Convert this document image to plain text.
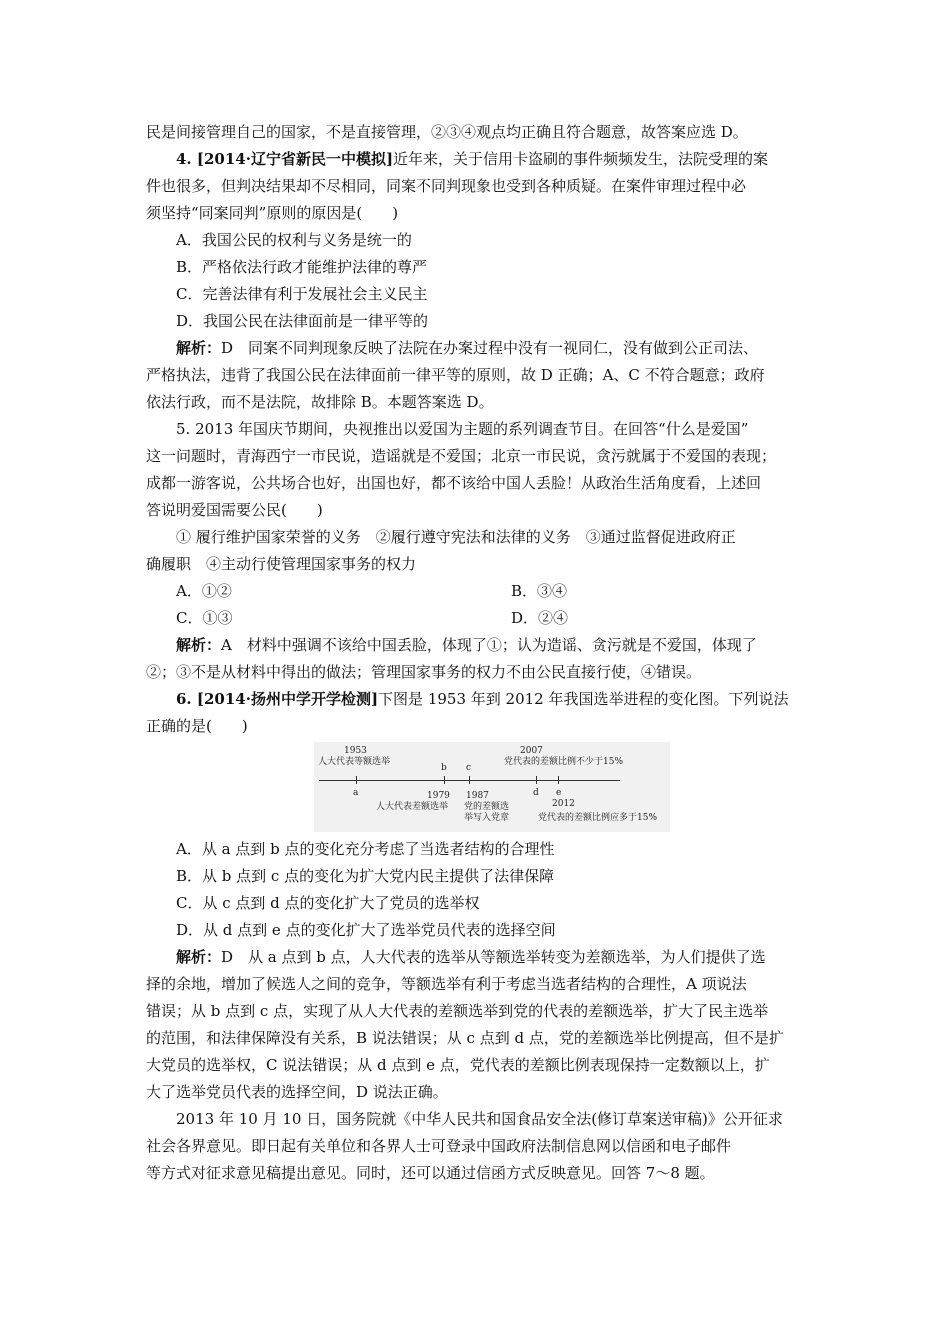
民是间接管理自己的国家，不是直接管理，②③④观点均正确且符合题意，故答案应选 D。
4. [2014·辽宁省新民一中模拟]近年来，关于信用卡盗刷的事件频频发生，法院受理的案
件也很多，但判决结果却不尽相同，同案不同判现象也受到各种质疑。在案件审理过程中必
须坚持“同案同判”原则的原因是(　　)
A．我国公民的权利与义务是统一的
B．严格依法行政才能维护法律的尊严
C．完善法律有利于发展社会主义民主
D．我国公民在法律面前是一律平等的
解析：D　同案不同判现象反映了法院在办案过程中没有一视同仁，没有做到公正司法、
严格执法，违背了我国公民在法律面前一律平等的原则，故 D 正确；A、C 不符合题意；政府
依法行政，而不是法院，故排除 B。本题答案选 D。
5. 2013 年国庆节期间，央视推出以爱国为主题的系列调查节目。在回答“什么是爱国”
这一问题时，青海西宁一市民说，造谣就是不爱国；北京一市民说，贪污就属于不爱国的表现；
成都一游客说，公共场合也好，出国也好，都不该给中国人丢脸！从政治生活角度看，上述回
答说明爱国需要公民(　　)
① 履行维护国家荣誉的义务　②履行遵守宪法和法律的义务　③通过监督促进政府正
确履职　④主动行使管理国家事务的权力
A．①②	B．③④
C．①③	D．②④
解析：A　材料中强调不该给中国丢脸，体现了①；认为造谣、贪污就是不爱国，体现了
②；③不是从材料中得出的做法；管理国家事务的权力不由公民直接行使，④错误。
6. [2014·扬州中学开学检测]下图是 1953 年到 2012 年我国选举进程的变化图。下列说法
正确的是(　　)
1953
人大代表等额选举
b c
2007
党代表的差额比例不少于15%
a	1979
人大代表差额选举
1987
党的差额选
举写入党章
d e
2012
党代表的差额比例应多于15%
A．从 a 点到 b 点的变化充分考虑了当选者结构的合理性
B．从 b 点到 c 点的变化为扩大党内民主提供了法律保障
C．从 c 点到 d 点的变化扩大了党员的选举权
D．从 d 点到 e 点的变化扩大了选举党员代表的选择空间
解析：D　从 a 点到 b 点，人大代表的选举从等额选举转变为差额选举，为人们提供了选
择的余地，增加了候选人之间的竞争，等额选举有利于考虑当选者结构的合理性，A 项说法
错误；从 b 点到 c 点，实现了从人大代表的差额选举到党的代表的差额选举，扩大了民主选举
的范围，和法律保障没有关系，B 说法错误；从 c 点到 d 点，党的差额选举比例提高，但不是扩
大党员的选举权，C 说法错误；从 d 点到 e 点，党代表的差额比例表现保持一定数额以上，扩
大了选举党员代表的选择空间，D 说法正确。
2013 年 10 月 10 日，国务院就《中华人民共和国食品安全法(修订草案送审稿)》公开征求
社会各界意见。即日起有关单位和各界人士可登录中国政府法制信息网以信函和电子邮件
等方式对征求意见稿提出意见。同时，还可以通过信函方式反映意见。回答 7～8 题。
